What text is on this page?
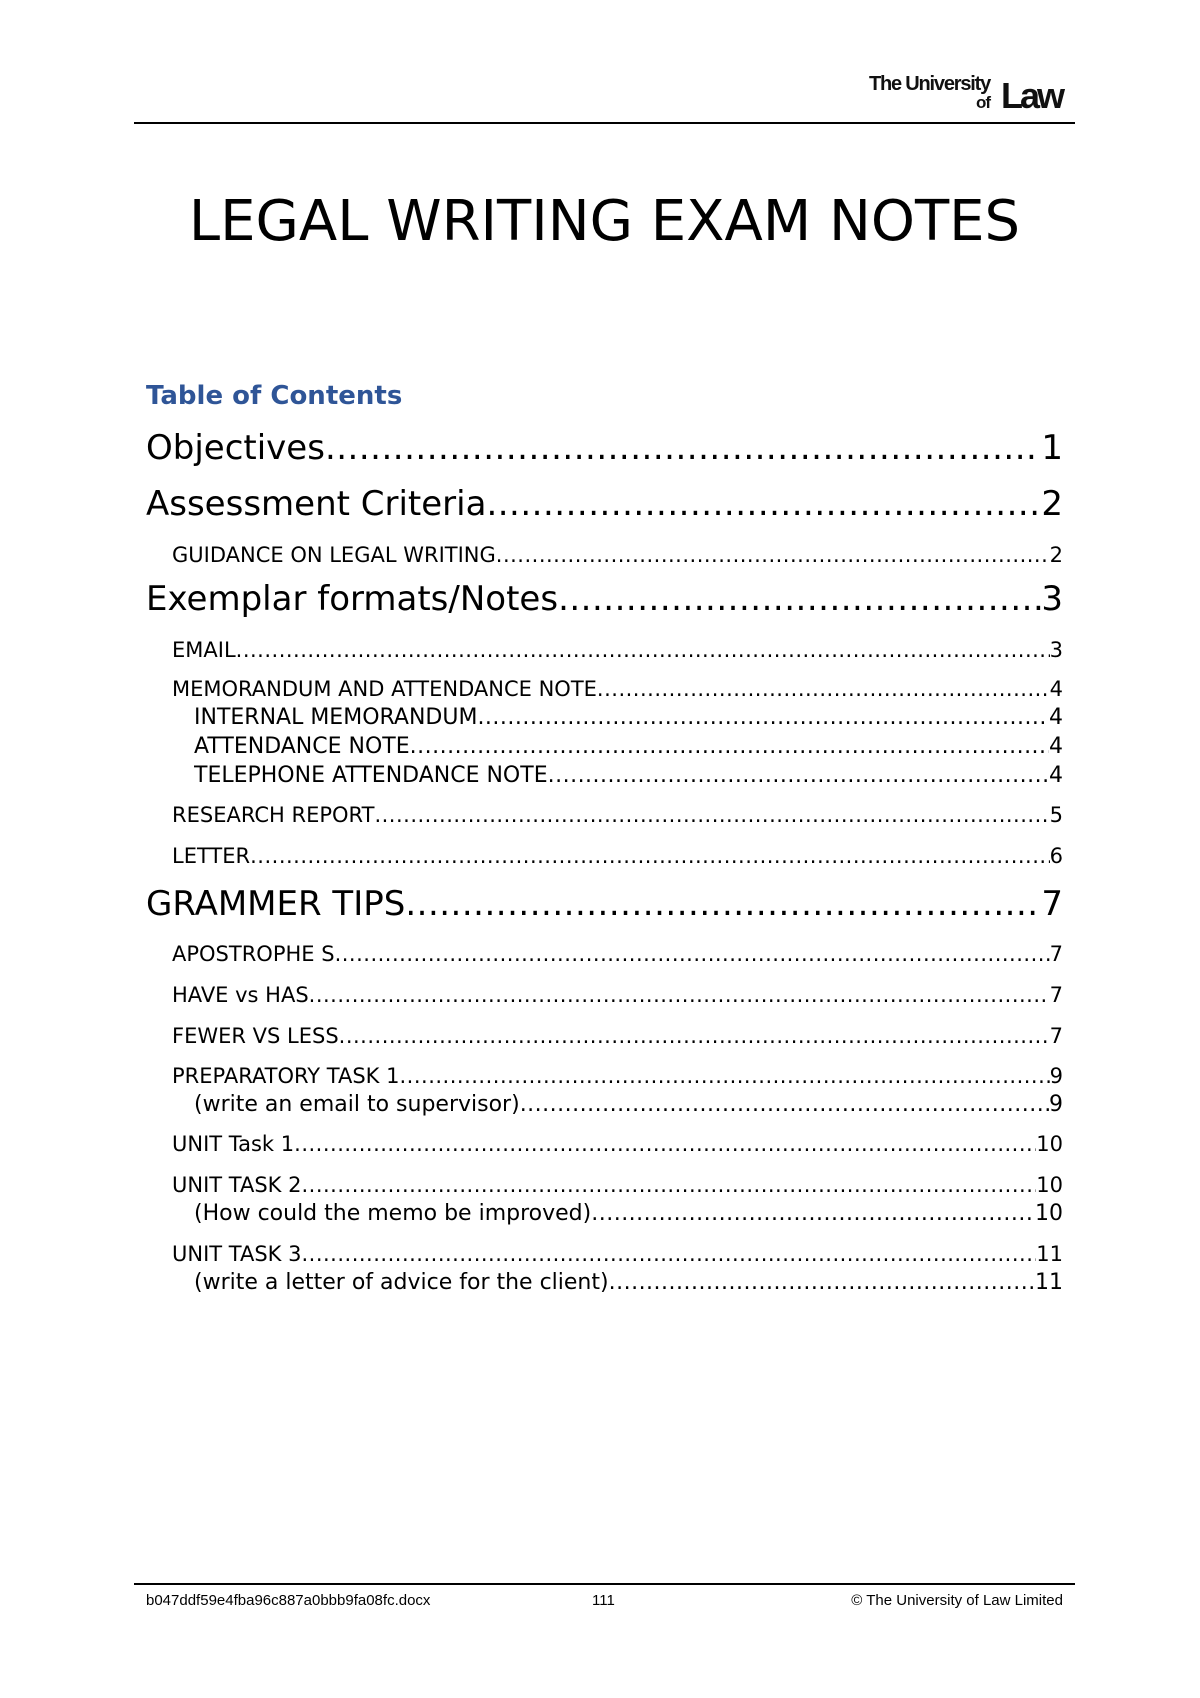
The University
of Law
LEGAL WRITING EXAM NOTES
Table of Contents
Objectives .....	1
Assessment Criteria .....	2
GUIDANCE ON LEGAL WRITING .....	2
Exemplar formats/Notes .....	3
EMAIL .....	3
MEMORANDUM AND ATTENDANCE NOTE .....	4
INTERNAL MEMORANDUM .....	4
ATTENDANCE NOTE .....	4
TELEPHONE ATTENDANCE NOTE .....	4
RESEARCH REPORT .....	5
LETTER .....	6
GRAMMER TIPS .....	7
APOSTROPHE S .....	7
HAVE vs HAS .....	7
FEWER VS LESS .....	7
PREPARATORY TASK 1 .....	9
(write an email to supervisor) .....	9
UNIT Task 1 .....	10
UNIT TASK 2 .....	10
(How could the memo be improved) .....	10
UNIT TASK 3 .....	11
(write a letter of advice for the client) .....	11
b047ddf59e4fba96c887a0bbb9fa08fc.docx	111	© The University of Law Limited
